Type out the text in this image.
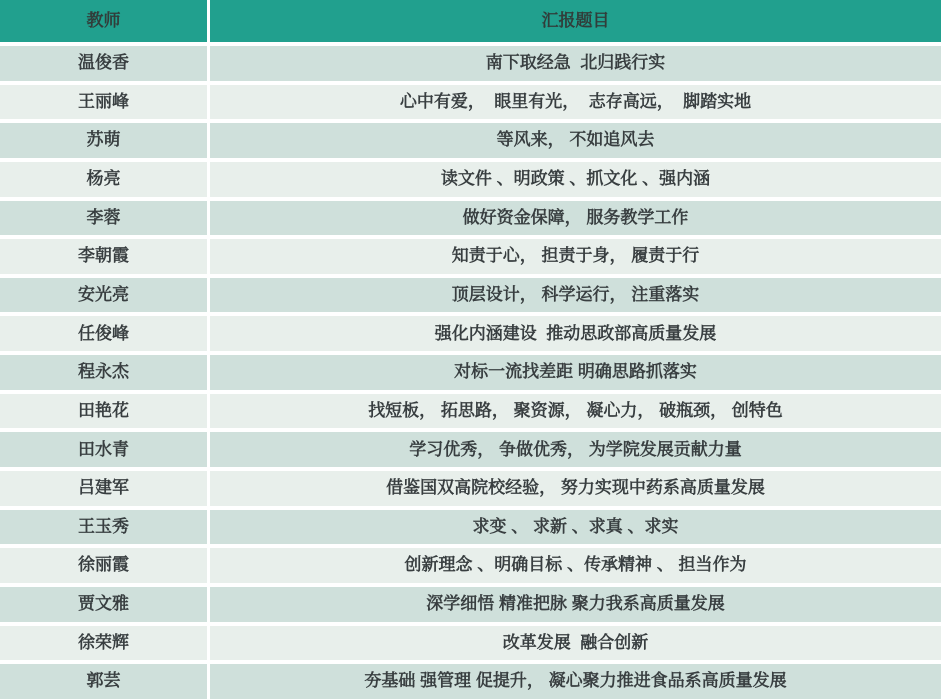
教师	汇报题目
温俊香	南下取经急  北归践行实
王丽峰	心中有爱，  眼里有光，  志存高远，  脚踏实地
苏萌	等风来， 不如追风去
杨亮	读文件 、明政策 、抓文化 、强内涵
李蓉	做好资金保障， 服务教学工作
李朝霞	知责于心， 担责于身， 履责于行
安光亮	顶层设计， 科学运行， 注重落实
任俊峰	强化内涵建设  推动思政部高质量发展
程永杰	对标一流找差距 明确思路抓落实
田艳花	找短板， 拓思路， 聚资源， 凝心力， 破瓶颈， 创特色
田水青	学习优秀， 争做优秀， 为学院发展贡献力量
吕建军	借鉴国双高院校经验， 努力实现中药系高质量发展
王玉秀	求变 、 求新 、求真 、求实
徐丽霞	创新理念 、明确目标 、传承精神 、 担当作为
贾文雅	深学细悟 精准把脉 聚力我系高质量发展
徐荣辉	改革发展  融合创新
郭芸	夯基础 强管理 促提升， 凝心聚力推进食品系高质量发展
